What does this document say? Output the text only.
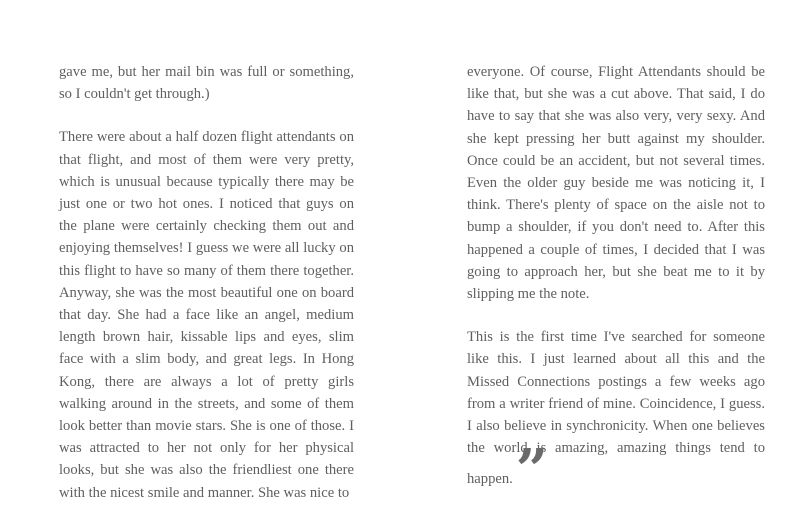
gave me, but her mail bin was full or something, so I couldn't get through.)

There were about a half dozen flight attendants on that flight, and most of them were very pretty, which is unusual because typically there may be just one or two hot ones. I noticed that guys on the plane were certainly checking them out and enjoying themselves! I guess we were all lucky on this flight to have so many of them there together. Anyway, she was the most beautiful one on board that day. She had a face like an angel, medium length brown hair, kissable lips and eyes, slim face with a slim body, and great legs. In Hong Kong, there are always a lot of pretty girls walking around in the streets, and some of them look better than movie stars. She is one of those. I was attracted to her not only for her physical looks, but she was also the friendliest one there with the nicest smile and manner. She was nice to

everyone. Of course, Flight Attendants should be like that, but she was a cut above. That said, I do have to say that she was also very, very sexy. And she kept pressing her butt against my shoulder. Once could be an accident, but not several times. Even the older guy beside me was noticing it, I think. There's plenty of space on the aisle not to bump a shoulder, if you don't need to. After this happened a couple of times, I decided that I was going to approach her, but she beat me to it by slipping me the note.

This is the first time I've searched for someone like this. I just learned about all this and the Missed Connections postings a few weeks ago from a writer friend of mine. Coincidence, I guess. I also believe in synchronicity. When one believes the world is amazing, amazing things tend to happen.”
